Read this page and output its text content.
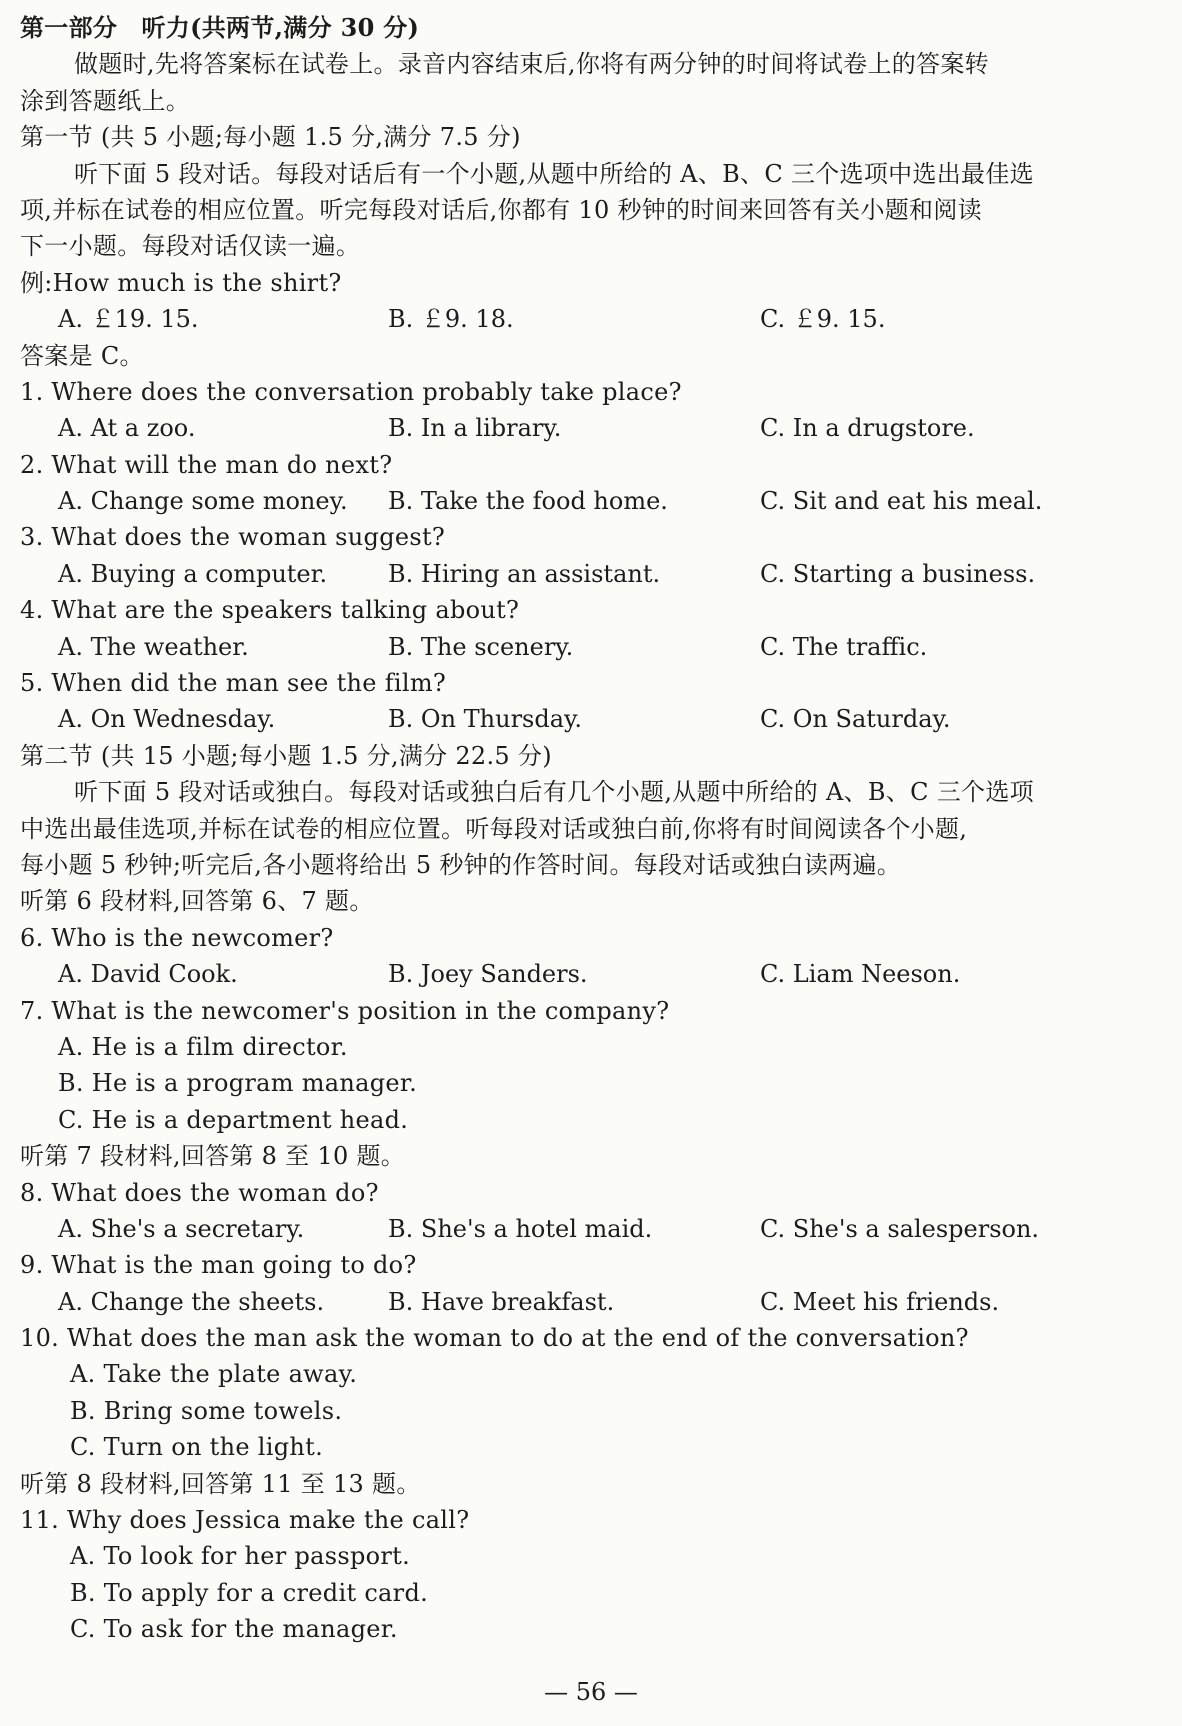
第一部分　听力(共两节,满分 30 分)
做题时,先将答案标在试卷上。录音内容结束后,你将有两分钟的时间将试卷上的答案转
涂到答题纸上。
第一节 (共 5 小题;每小题 1.5 分,满分 7.5 分)
听下面 5 段对话。每段对话后有一个小题,从题中所给的 A、B、C 三个选项中选出最佳选
项,并标在试卷的相应位置。听完每段对话后,你都有 10 秒钟的时间来回答有关小题和阅读
下一小题。每段对话仅读一遍。
例:How much is the shirt?
A. ￡19. 15.	B. ￡9. 18.	C. ￡9. 15.
答案是 C。
1. Where does the conversation probably take place?
A. At a zoo.	B. In a library.	C. In a drugstore.
2. What will the man do next?
A. Change some money. B. Take the food home.	C. Sit and eat his meal.
3. What does the woman suggest?
A. Buying a computer.	B. Hiring an assistant.	C. Starting a business.
4. What are the speakers talking about?
A. The weather.	B. The scenery.	C. The traffic.
5. When did the man see the film?
A. On Wednesday.	B. On Thursday.	C. On Saturday.
第二节 (共 15 小题;每小题 1.5 分,满分 22.5 分)
听下面 5 段对话或独白。每段对话或独白后有几个小题,从题中所给的 A、B、C 三个选项
中选出最佳选项,并标在试卷的相应位置。听每段对话或独白前,你将有时间阅读各个小题,
每小题 5 秒钟;听完后,各小题将给出 5 秒钟的作答时间。每段对话或独白读两遍。
听第 6 段材料,回答第 6、7 题。
6. Who is the newcomer?
A. David Cook.	B. Joey Sanders.	C. Liam Neeson.
7. What is the newcomer's position in the company?
A. He is a film director.
B. He is a program manager.
C. He is a department head.
听第 7 段材料,回答第 8 至 10 题。
8. What does the woman do?
A. She's a secretary.	B. She's a hotel maid.	C. She's a salesperson.
9. What is the man going to do?
A. Change the sheets.	B. Have breakfast.	C. Meet his friends.
10. What does the man ask the woman to do at the end of the conversation?
A. Take the plate away.
B. Bring some towels.
C. Turn on the light.
听第 8 段材料,回答第 11 至 13 题。
11. Why does Jessica make the call?
A. To look for her passport.
B. To apply for a credit card.
C. To ask for the manager.
— 56 —
